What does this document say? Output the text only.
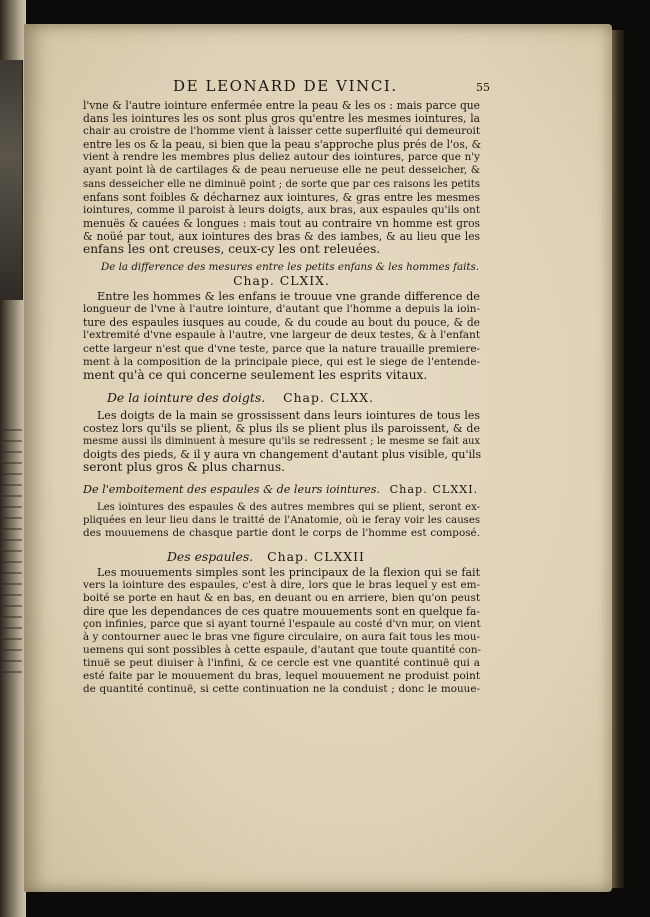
DE LEONARD DE VINCI.	55
l'vne & l'autre iointure enfermée entre la peau & les os : mais parce que
dans les iointures les os sont plus gros qu'entre les mesmes iointures, la
chair au croistre de l'homme vient à laisser cette superfluité qui demeuroit
entre les os & la peau, si bien que la peau s'approche plus prés de l'os, &
vient à rendre les membres plus deliez autour des iointures, parce que n'y
ayant point là de cartilages & de peau nerueuse elle ne peut desseicher, &
sans desseicher elle ne diminuë point ; de sorte que par ces raisons les petits
enfans sont foibles & décharnez aux iointures, & gras entre les mesmes
iointures, comme il paroist à leurs doigts, aux bras, aux espaules qu'ils ont
menuës & cauées & longues : mais tout au contraire vn homme est gros
& noüé par tout, aux iointures des bras & des iambes, & au lieu que les
enfans les ont creuses, ceux-cy les ont releuées.
De la difference des mesures entre les petits enfans & les hommes faits.
Chap. CLXIX.
Entre les hommes & les enfans ie trouue vne grande difference de
longueur de l'vne à l'autre iointure, d'autant que l'homme a depuis la ioin-
ture des espaules iusques au coude, & du coude au bout du pouce, & de
l'extremité d'vne espaule à l'autre, vne largeur de deux testes, & à l'enfant
cette largeur n'est que d'vne teste, parce que la nature trauaille premiere-
ment à la composition de la principale piece, qui est le siege de l'entende-
ment qu'à ce qui concerne seulement les esprits vitaux.
De la iointure des doigts. Chap. CLXX.
Les doigts de la main se grossissent dans leurs iointures de tous les
costez lors qu'ils se plient, & plus ils se plient plus ils paroissent, & de
mesme aussi ils diminuent à mesure qu'ils se redressent ; le mesme se fait aux
doigts des pieds, & il y aura vn changement d'autant plus visible, qu'ils
seront plus gros & plus charnus.
De l'emboitement des espaules & de leurs iointures. Chap. CLXXI.
Les iointures des espaules & des autres membres qui se plient, seront ex-
pliquées en leur lieu dans le traitté de l'Anatomie, où ie feray voir les causes
des mouuemens de chasque partie dont le corps de l'homme est composé.
Des espaules. Chap. CLXXII
Les mouuements simples sont les principaux de la flexion qui se fait
vers la iointure des espaules, c'est à dire, lors que le bras lequel y est em-
boité se porte en haut & en bas, en deuant ou en arriere, bien qu'on peust
dire que les dependances de ces quatre mouuements sont en quelque fa-
çon infinies, parce que si ayant tourné l'espaule au costé d'vn mur, on vient
à y contourner auec le bras vne figure circulaire, on aura fait tous les mou-
uemens qui sont possibles à cette espaule, d'autant que toute quantité con-
tinuë se peut diuiser à l'infini, & ce cercle est vne quantité continuë qui a
esté faite par le mouuement du bras, lequel mouuement ne produist point
de quantité continuë, si cette continuation ne la conduist ; donc le mouue-
